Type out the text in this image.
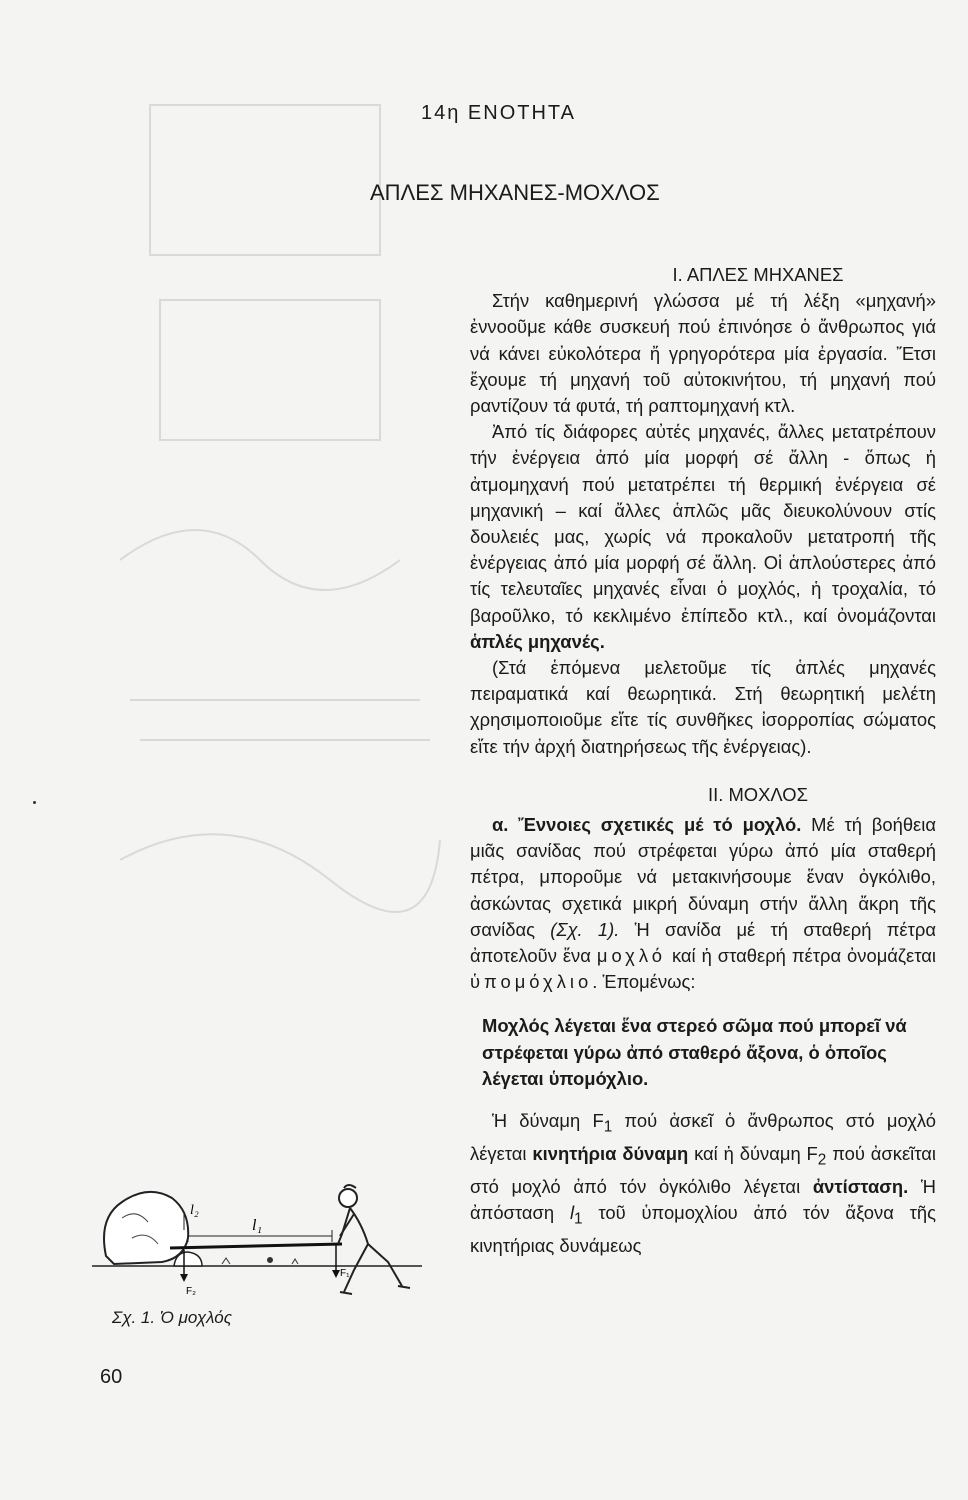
14η ΕΝΟΤΗΤΑ
ΑΠΛΕΣ ΜΗΧΑΝΕΣ-ΜΟΧΛΟΣ

Ι. ΑΠΛΕΣ ΜΗΧΑΝΕΣ

Στήν καθημερινή γλώσσα μέ τή λέξη «μηχανή» ἐννοοῦμε κάθε συσκευή πού ἐπινόησε ὁ ἄνθρωπος γιά νά κάνει εὐκολότερα ἤ γρηγορότερα μία ἐργασία. Ἔτσι ἔχουμε τή μηχανή τοῦ αὐτοκινήτου, τή μηχανή πού ραντίζουν τά φυτά, τή ραπτομηχανή κτλ.

Ἀπό τίς διάφορες αὐτές μηχανές, ἄλλες μετατρέπουν τήν ἐνέργεια ἀπό μία μορφή σέ ἄλλη - ὅπως ἡ ἀτμομηχανή πού μετατρέπει τή θερμική ἐνέργεια σέ μηχανική – καί ἄλλες ἁπλῶς μᾶς διευκολύνουν στίς δουλειές μας, χωρίς νά προκαλοῦν μετατροπή τῆς ἐνέργειας ἀπό μία μορφή σέ ἄλλη. Οἱ ἁπλούστερες ἀπό τίς τελευταῖες μηχανές εἶναι ὁ μοχλός, ἡ τροχαλία, τό βαροῦλκο, τό κεκλιμένο ἐπίπεδο κτλ., καί ὀνομάζονται ἁπλές μηχανές.

(Στά ἑπόμενα μελετοῦμε τίς ἁπλές μηχανές πειραματικά καί θεωρητικά. Στή θεωρητική μελέτη χρησιμοποιοῦμε εἴτε τίς συνθῆκες ἰσορροπίας σώματος εἴτε τήν ἀρχή διατηρήσεως τῆς ἐνέργειας).

ΙΙ. ΜΟΧΛΟΣ

α. Ἔννοιες σχετικές μέ τό μοχλό. Μέ τή βοήθεια μιᾶς σανίδας πού στρέφεται γύρω ἀπό μία σταθερή πέτρα, μποροῦμε νά μετακινήσουμε ἕναν ὀγκόλιθο, ἀσκώντας σχετικά μικρή δύναμη στήν ἄλλη ἄκρη τῆς σανίδας (Σχ. 1). Ἡ σανίδα μέ τή σταθερή πέτρα ἀποτελοῦν ἕνα μοχλό καί ἡ σταθερή πέτρα ὀνομάζεται ὑπομόχλιο. Ἑπομένως:

Μοχλός λέγεται ἕνα στερεό σῶμα πού μπορεῖ νά στρέφεται γύρω ἀπό σταθερό ἄξονα, ὁ ὁποῖος λέγεται ὑπομόχλιο.

Ἡ δύναμη $F_1$ πού ἀσκεῖ ὁ ἄνθρωπος στό μοχλό λέγεται κινητήρια δύναμη καί ἡ δύναμη $F_2$ πού ἀσκεῖται στό μοχλό ἀπό τόν ὀγκόλιθο λέγεται ἀντίσταση. Ἡ ἀπόσταση $l_1$ τοῦ ὑπομοχλίου ἀπό τόν ἄξονα τῆς κινητήριας δυνάμεως

l₂
l₁
F₂
F₁
Σχ. 1. Ὁ μοχλός
60
